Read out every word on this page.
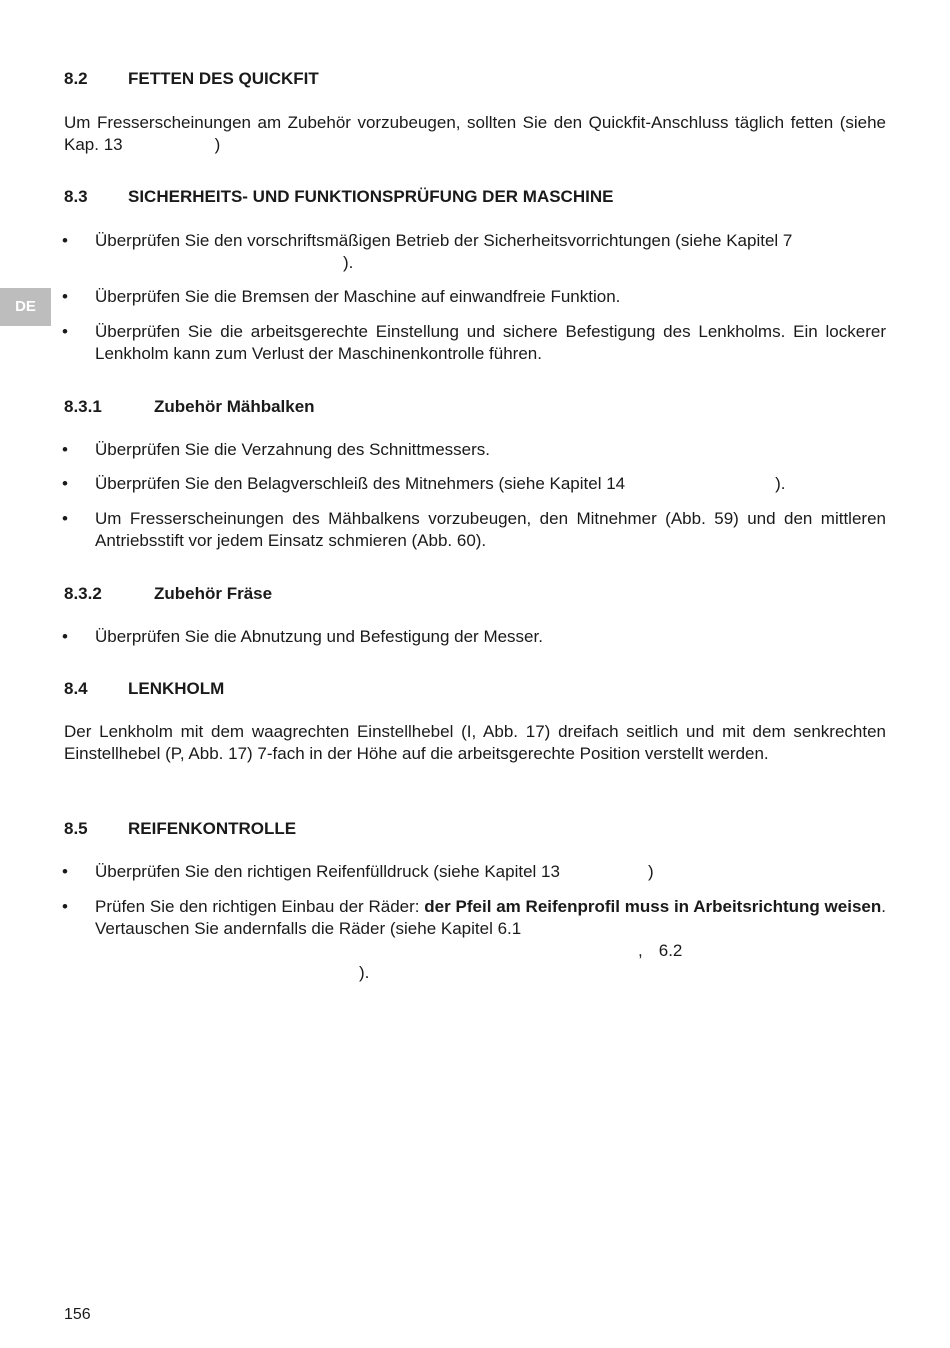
DE
8.2 FETTEN DES QUICKFIT
Um Fresserscheinungen am Zubehör vorzubeugen, sollten Sie den Quickfit-Anschluss täglich fetten (siehe Kap. 13	)
8.3 SICHERHEITS- UND FUNKTIONSPRÜFUNG DER MASCHINE
• Überprüfen Sie den vorschriftsmäßigen Betrieb der Sicherheitsvorrichtungen (siehe Kapitel 7
).
• Überprüfen Sie die Bremsen der Maschine auf einwandfreie Funktion.
• Überprüfen Sie die arbeitsgerechte Einstellung und sichere Befestigung des Lenkholms. Ein lockerer Lenkholm kann zum Verlust der Maschinenkontrolle führen.
8.3.1	Zubehör Mähbalken
• Überprüfen Sie die Verzahnung des Schnittmessers.
• Überprüfen Sie den Belagverschleiß des Mitnehmers (siehe Kapitel 14	).
• Um Fresserscheinungen des Mähbalkens vorzubeugen, den Mitnehmer (Abb. 59) und den mittleren Antriebsstift vor jedem Einsatz schmieren (Abb. 60).
8.3.2	Zubehör Fräse
• Überprüfen Sie die Abnutzung und Befestigung der Messer.
8.4 LENKHOLM
Der Lenkholm mit dem waagrechten Einstellhebel (I, Abb. 17) dreifach seitlich und mit dem senkrechten Einstellhebel (P, Abb. 17) 7-fach in der Höhe auf die arbeitsgerechte Position verstellt werden.
8.5 REIFENKONTROLLE
• Überprüfen Sie den richtigen Reifenfülldruck (siehe Kapitel 13	)
• Prüfen Sie den richtigen Einbau der Räder: der Pfeil am Reifenprofil muss in Arbeitsrichtung weisen. Vertauschen Sie andernfalls die Räder (siehe Kapitel 6.1
, 6.2
).
156
